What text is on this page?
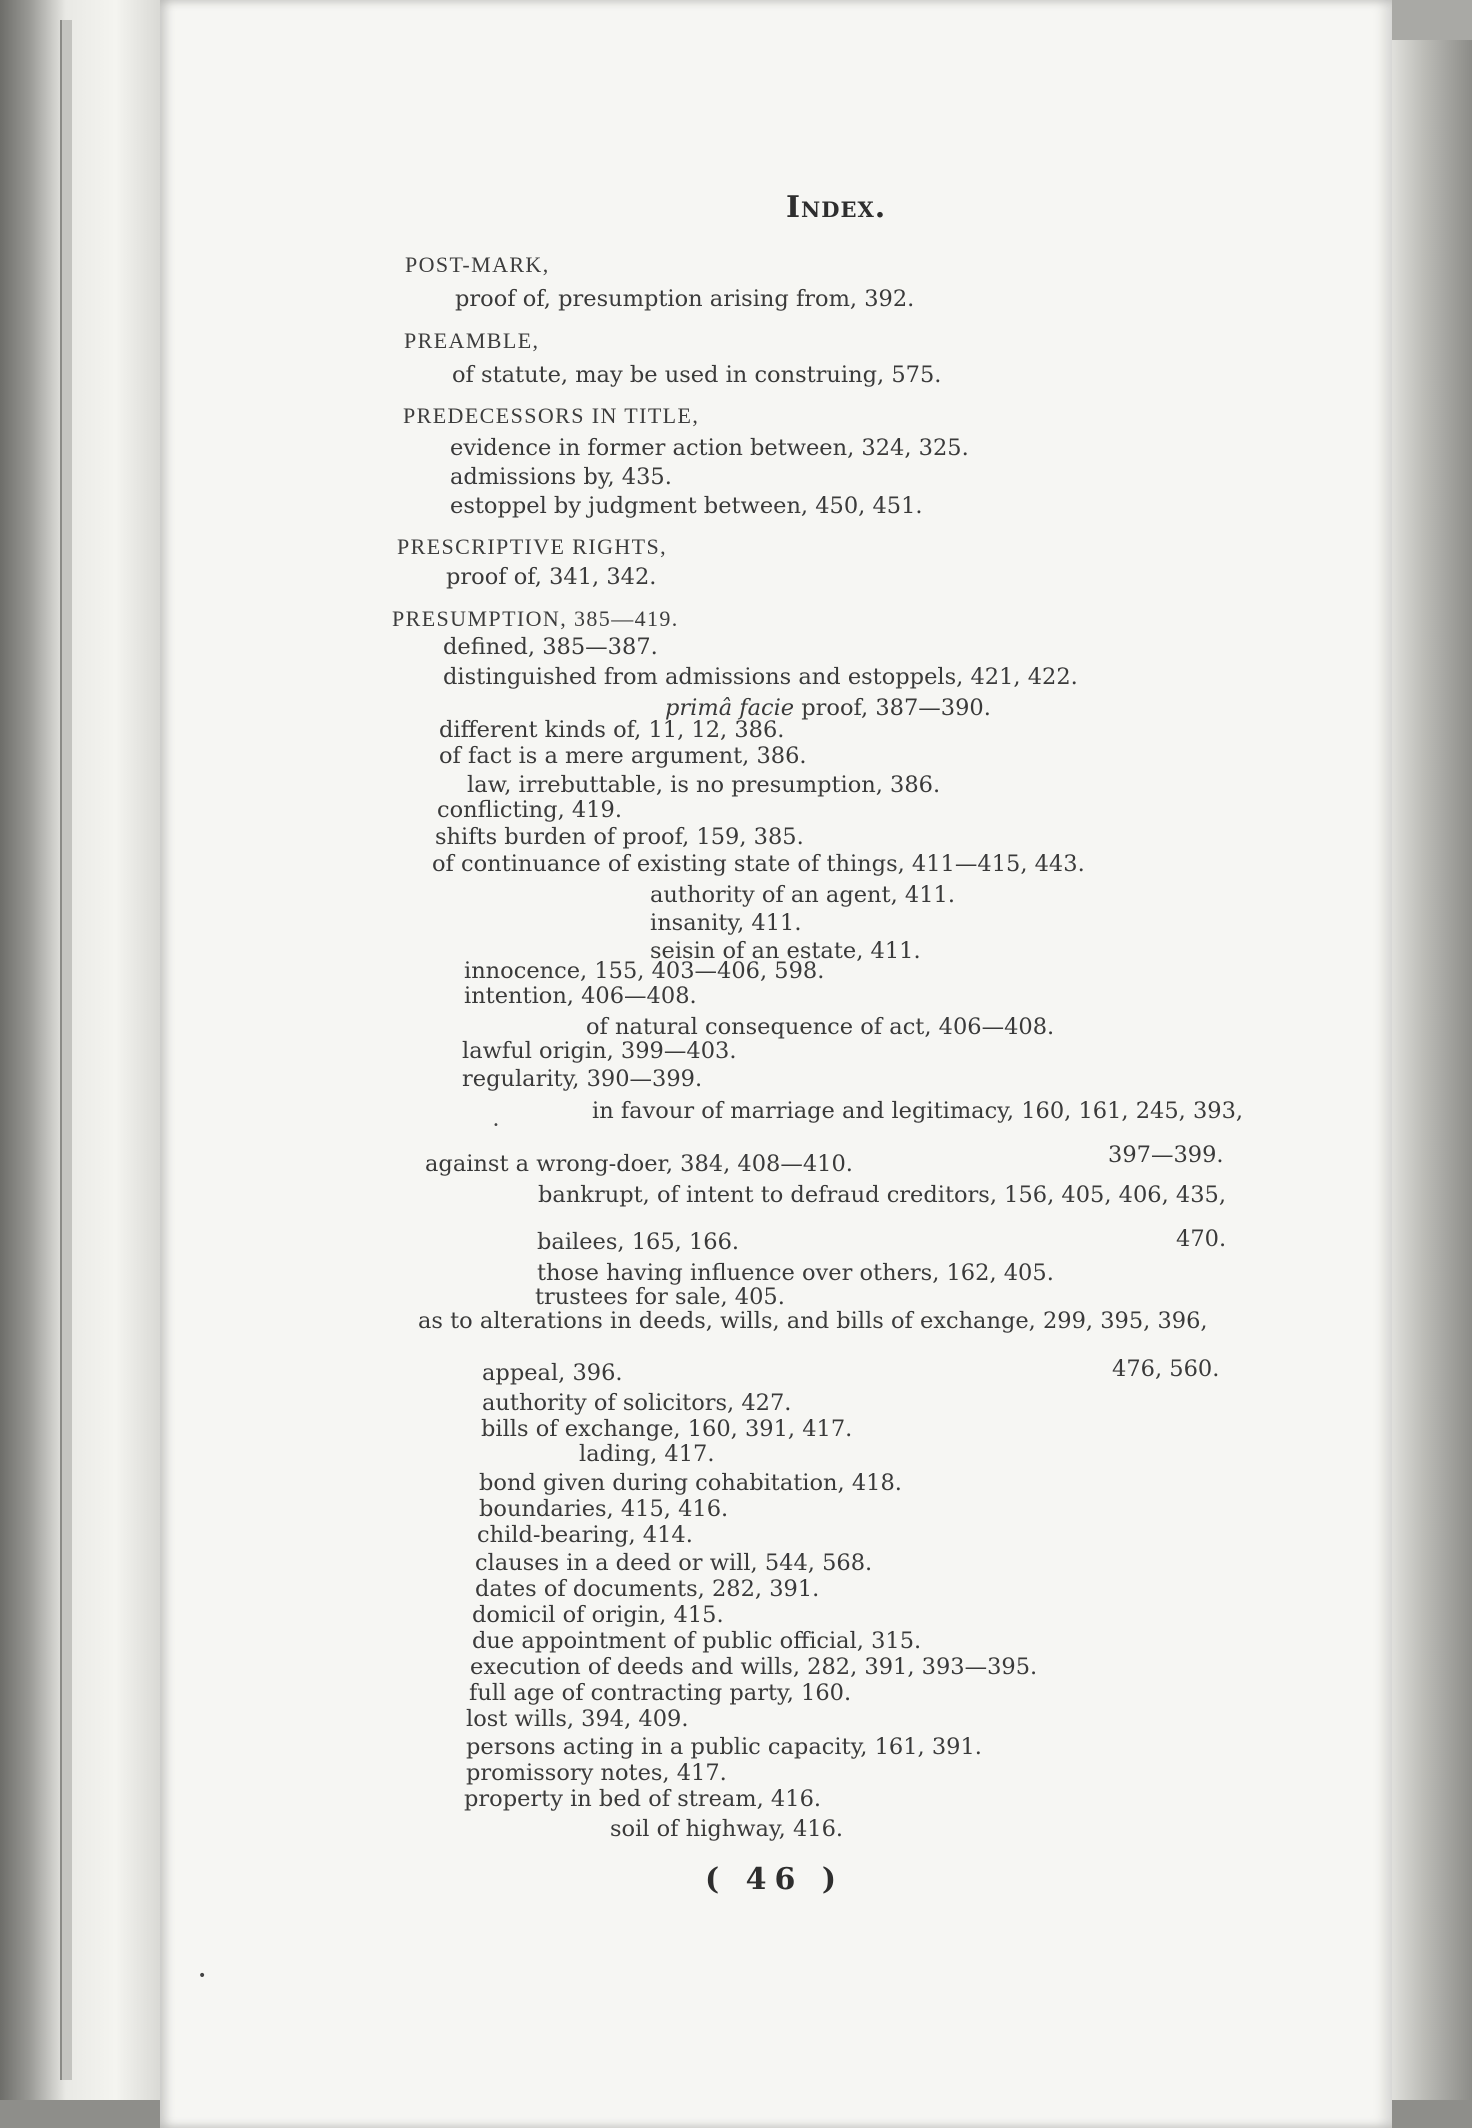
Index.
POST-MARK,
proof of, presumption arising from, 392.
PREAMBLE,
of statute, may be used in construing, 575.
PREDECESSORS IN TITLE,
evidence in former action between, 324, 325.
admissions by, 435.
estoppel by judgment between, 450, 451.
PRESCRIPTIVE RIGHTS,
proof of, 341, 342.
PRESUMPTION, 385—419.
defined, 385—387.
distinguished from admissions and estoppels, 421, 422.
primâ facie proof, 387—390.
different kinds of, 11, 12, 386.
of fact is a mere argument, 386.
law, irrebuttable, is no presumption, 386.
conflicting, 419.
shifts burden of proof, 159, 385.
of continuance of existing state of things, 411—415, 443.
authority of an agent, 411.
insanity, 411.
seisin of an estate, 411.
innocence, 155, 403—406, 598.
intention, 406—408.
of natural consequence of act, 406—408.
lawful origin, 399—403.
regularity, 390—399.
in favour of marriage and legitimacy, 160, 161, 245, 393,
397—399.
against a wrong-doer, 384, 408—410.
bankrupt, of intent to defraud creditors, 156, 405, 406, 435,
470.
bailees, 165, 166.
those having influence over others, 162, 405.
trustees for sale, 405.
as to alterations in deeds, wills, and bills of exchange, 299, 395, 396,
476, 560.
appeal, 396.
authority of solicitors, 427.
bills of exchange, 160, 391, 417.
lading, 417.
bond given during cohabitation, 418.
boundaries, 415, 416.
child-bearing, 414.
clauses in a deed or will, 544, 568.
dates of documents, 282, 391.
domicil of origin, 415.
due appointment of public official, 315.
execution of deeds and wills, 282, 391, 393—395.
full age of contracting party, 160.
lost wills, 394, 409.
persons acting in a public capacity, 161, 391.
promissory notes, 417.
property in bed of stream, 416.
soil of highway, 416.
( 46 )
•
•
